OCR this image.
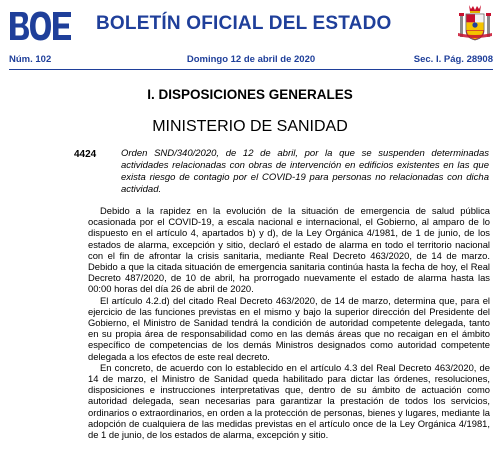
BOLETÍN OFICIAL DEL ESTADO
Núm. 102	Domingo 12 de abril de 2020	Sec. I. Pág. 28908
I. DISPOSICIONES GENERALES
MINISTERIO DE SANIDAD
4424	Orden SND/340/2020, de 12 de abril, por la que se suspenden determinadas actividades relacionadas con obras de intervención en edificios existentes en las que exista riesgo de contagio por el COVID-19 para personas no relacionadas con dicha actividad.

Debido a la rapidez en la evolución de la situación de emergencia de salud pública ocasionada por el COVID-19, a escala nacional e internacional, el Gobierno, al amparo de lo dispuesto en el artículo 4, apartados b) y d), de la Ley Orgánica 4/1981, de 1 de junio, de los estados de alarma, excepción y sitio, declaró el estado de alarma en todo el territorio nacional con el fin de afrontar la crisis sanitaria, mediante Real Decreto 463/2020, de 14 de marzo. Debido a que la citada situación de emergencia sanitaria continúa hasta la fecha de hoy, el Real Decreto 487/2020, de 10 de abril, ha prorrogado nuevamente el estado de alarma hasta las 00:00 horas del día 26 de abril de 2020.

El artículo 4.2.d) del citado Real Decreto 463/2020, de 14 de marzo, determina que, para el ejercicio de las funciones previstas en el mismo y bajo la superior dirección del Presidente del Gobierno, el Ministro de Sanidad tendrá la condición de autoridad competente delegada, tanto en su propia área de responsabilidad como en las demás áreas que no recaigan en el ámbito específico de competencias de los demás Ministros designados como autoridad competente delegada a los efectos de este real decreto.

En concreto, de acuerdo con lo establecido en el artículo 4.3 del Real Decreto 463/2020, de 14 de marzo, el Ministro de Sanidad queda habilitado para dictar las órdenes, resoluciones, disposiciones e instrucciones interpretativas que, dentro de su ámbito de actuación como autoridad delegada, sean necesarias para garantizar la prestación de todos los servicios, ordinarios o extraordinarios, en orden a la protección de personas, bienes y lugares, mediante la adopción de cualquiera de las medidas previstas en el artículo once de la Ley Orgánica 4/1981, de 1 de junio, de los estados de alarma, excepción y sitio.
